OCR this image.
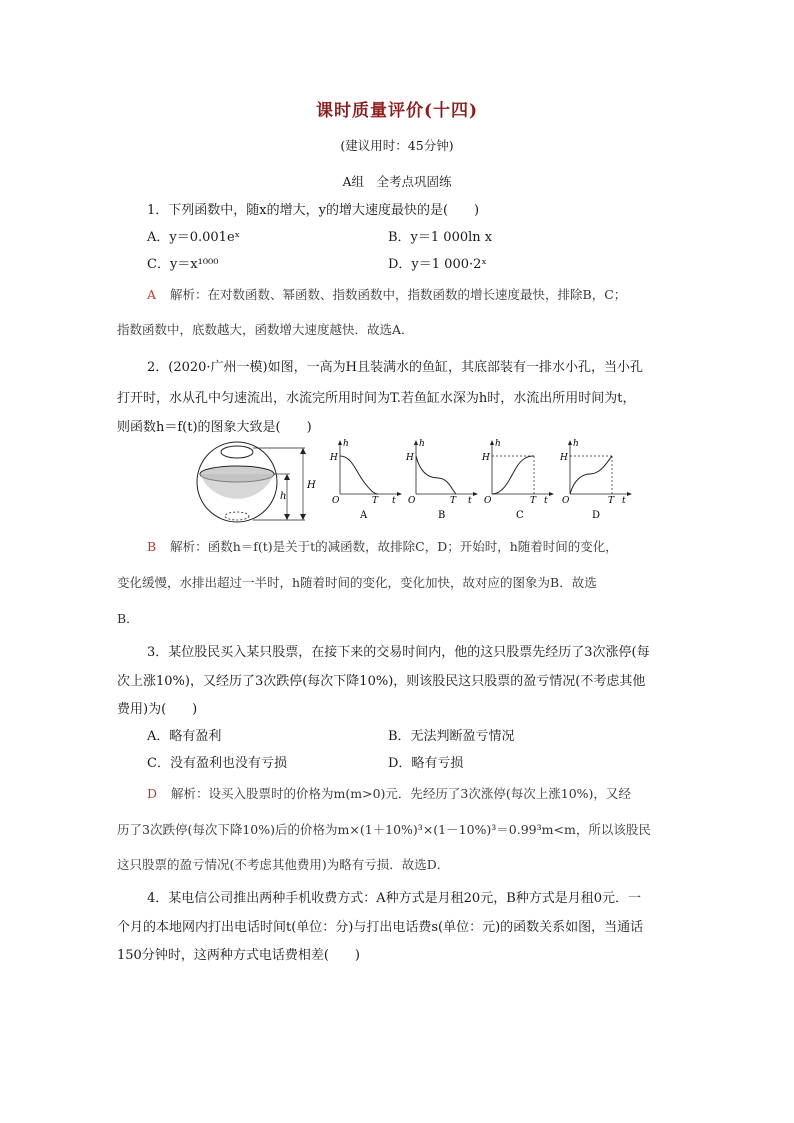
课时质量评价(十四)
(建议用时：45分钟)
A组　全考点巩固练
1．下列函数中，随x的增大，y的增大速度最快的是(　　)
A．y＝0.001eˣ	B．y＝1 000ln x
C．y＝x¹⁰⁰⁰	D．y＝1 000·2ˣ
A 解析：在对数函数、幂函数、指数函数中，指数函数的增长速度最快，排除B，C；
指数函数中，底数越大，函数增大速度越快．故选A．
2．(2020·广州一模)如图，一高为H且装满水的鱼缸，其底部装有一排水小孔，当小孔
打开时，水从孔中匀速流出，水流完所用时间为T.若鱼缸水深为h时，水流出所用时间为t，
则函数h＝f(t)的图象大致是(　　)
H
h
h
H
O	T t
A
h
H
O	T t
B
h
H
O	T t
C
h
H
O	T t
D
B 解析：函数h＝f(t)是关于t的减函数，故排除C，D；开始时，h随着时间的变化，
变化缓慢，水排出超过一半时，h随着时间的变化，变化加快，故对应的图象为B．故选
B．
3．某位股民买入某只股票，在接下来的交易时间内，他的这只股票先经历了3次涨停(每
次上涨10%)，又经历了3次跌停(每次下降10%)，则该股民这只股票的盈亏情况(不考虑其他
费用)为(　　)
A．略有盈利	B．无法判断盈亏情况
C．没有盈利也没有亏损	D．略有亏损
D 解析：设买入股票时的价格为m(m>0)元．先经历了3次涨停(每次上涨10%)，又经
历了3次跌停(每次下降10%)后的价格为m×(1＋10%)³×(1－10%)³＝0.99³m<m，所以该股民
这只股票的盈亏情况(不考虑其他费用)为略有亏损．故选D．
4．某电信公司推出两种手机收费方式：A种方式是月租20元，B种方式是月租0元．一
个月的本地网内打出电话时间t(单位：分)与打出电话费s(单位：元)的函数关系如图，当通话
150分钟时，这两种方式电话费相差(　　)
